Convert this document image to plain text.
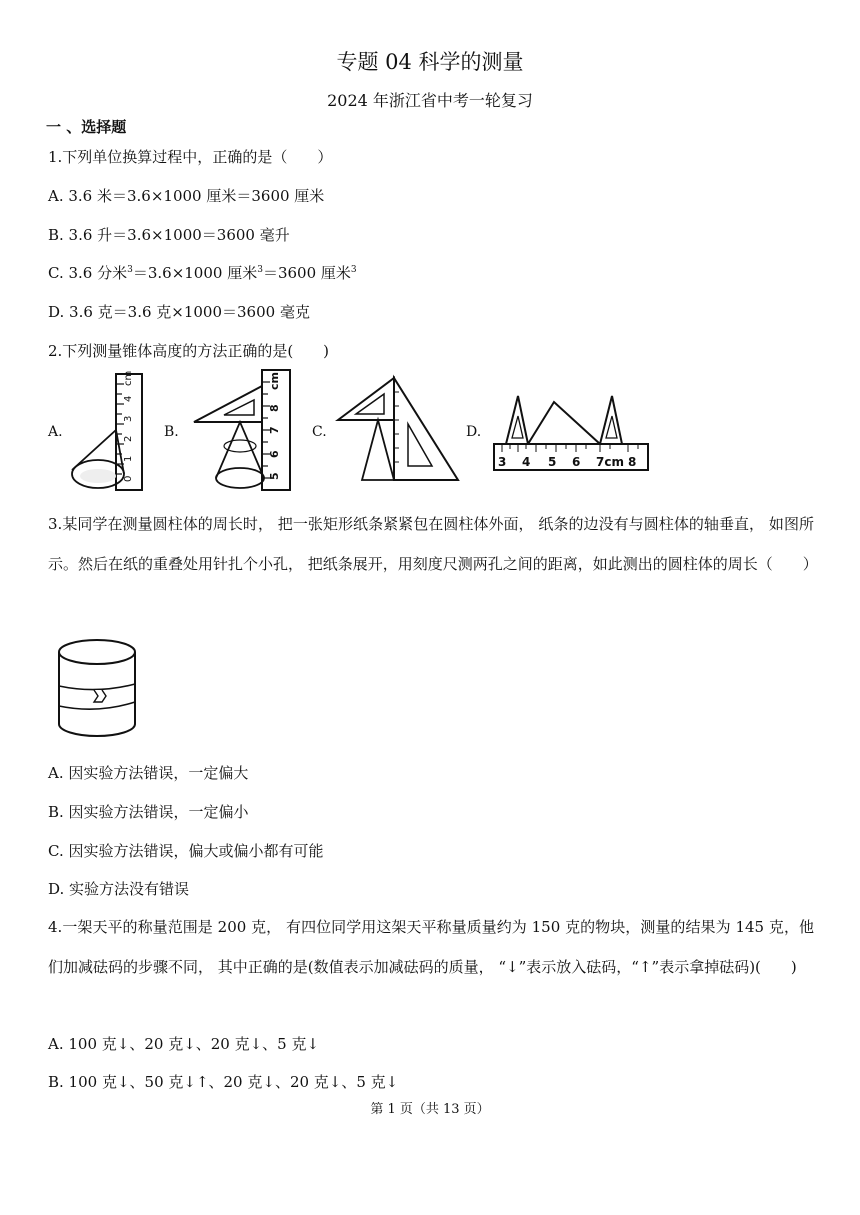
专题 04 科学的测量
2024 年浙江省中考一轮复习
一 、选择题
1.下列单位换算过程中，正确的是（　　）
A. 3.6 米＝3.6×1000 厘米＝3600 厘米
B. 3.6 升＝3.6×1000＝3600 毫升
C. 3.6 分米$^3$＝3.6×1000 厘米$^3$＝3600 厘米$^3$
D. 3.6 克＝3.6 克×1000＝3600 毫克
2.下列测量锥体高度的方法正确的是(　　)
A.	B.	C.	D.
0
1
2
3
4
cm
5
6
7
8
cm
3 4 5 6 7cm 8
3.某同学在测量圆柱体的周长时， 把一张矩形纸条紧紧包在圆柱体外面， 纸条的边没有与圆柱体的轴垂直， 如图所示。然后在纸的重叠处用针扎个小孔， 把纸条展开，用刻度尺测两孔之间的距离，如此测出的圆柱体的周长（　　）
A. 因实验方法错误，一定偏大
B. 因实验方法错误，一定偏小
C. 因实验方法错误，偏大或偏小都有可能
D. 实验方法没有错误
4.一架天平的称量范围是 200 克， 有四位同学用这架天平称量质量约为 150 克的物块，测量的结果为 145 克，他们加减砝码的步骤不同， 其中正确的是(数值表示加减砝码的质量， “↓”表示放入砝码，“↑”表示拿掉砝码)(　　)
A. 100 克↓、20 克↓、20 克↓、5 克↓
B. 100 克↓、50 克↓↑、20 克↓、20 克↓、5 克↓
第 1 页（共 13 页）
